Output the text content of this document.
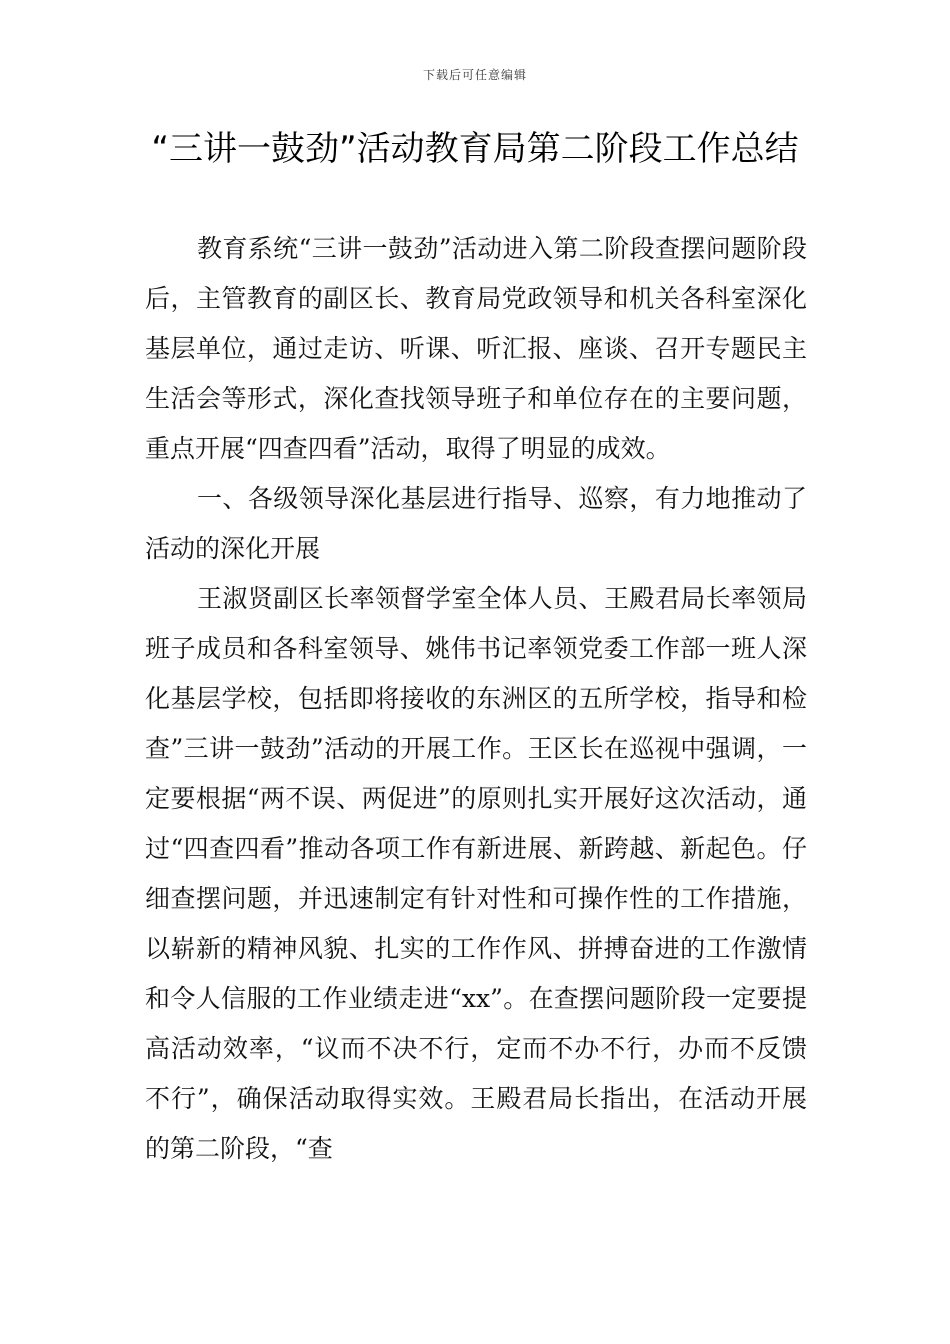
下载后可任意编辑
“三讲一鼓劲”活动教育局第二阶段工作总结

教育系统“三讲一鼓劲”活动进入第二阶段查摆问题阶段后，主管教育的副区长、教育局党政领导和机关各科室深化基层单位，通过走访、听课、听汇报、座谈、召开专题民主生活会等形式，深化查找领导班子和单位存在的主要问题，重点开展“四查四看”活动，取得了明显的成效。

一、各级领导深化基层进行指导、巡察，有力地推动了活动的深化开展

王淑贤副区长率领督学室全体人员、王殿君局长率领局班子成员和各科室领导、姚伟书记率领党委工作部一班人深化基层学校，包括即将接收的东洲区的五所学校，指导和检查”三讲一鼓劲”活动的开展工作。王区长在巡视中强调，一定要根据“两不误、两促进”的原则扎实开展好这次活动，通过“四查四看”推动各项工作有新进展、新跨越、新起色。仔细查摆问题，并迅速制定有针对性和可操作性的工作措施，以崭新的精神风貌、扎实的工作作风、拼搏奋进的工作激情和令人信服的工作业绩走进“xx”。在查摆问题阶段一定要提高活动效率，“议而不决不行，定而不办不行，办而不反馈不行”，确保活动取得实效。王殿君局长指出，在活动开展的第二阶段，“查
